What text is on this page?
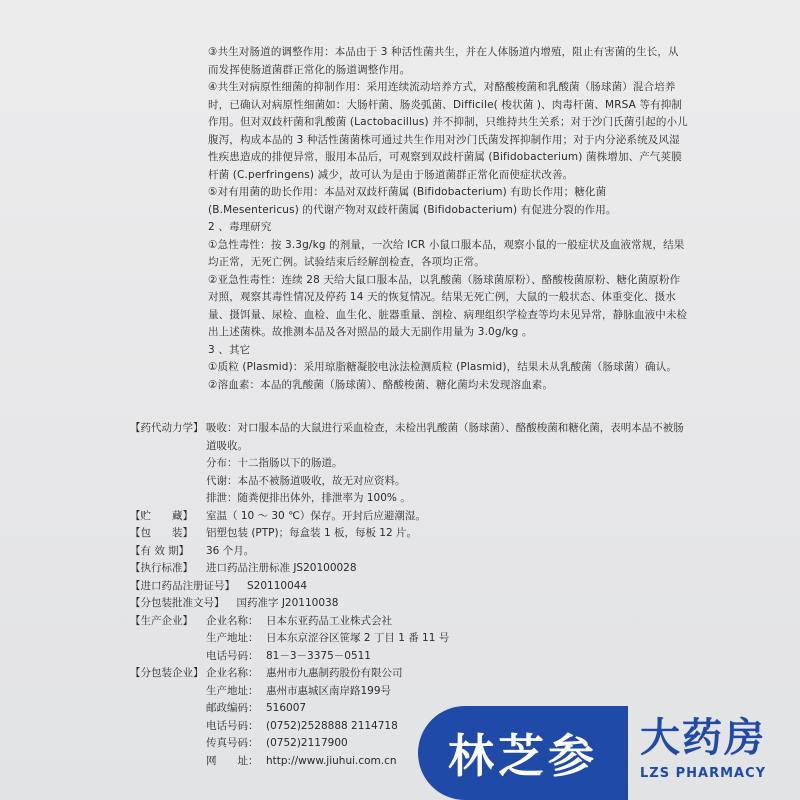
③共生对肠道的调整作用：本品由于 3 种活性菌共生，并在人体肠道内增殖，阻止有害菌的生长，从而发挥使肠道菌群正常化的肠道调整作用。

④共生对病原性细菌的抑制作用：采用连续流动培养方式，对酪酸梭菌和乳酸菌（肠球菌）混合培养时，已确认对病原性细菌如：大肠杆菌、肠炎弧菌、Difficile( 梭状菌 )、肉毒杆菌、MRSA 等有抑制作用。但对双歧杆菌和乳酸菌 (Lactobacillus) 并不抑制，只维持共生关系；对于沙门氏菌引起的小儿腹泻，构成本品的 3 种活性菌菌株可通过共生作用对沙门氏菌发挥抑制作用；对于内分泌系统及风湿性疾患造成的排便异常，服用本品后，可观察到双歧杆菌属 (Bifidobacterium) 菌株增加、产气荚膜杆菌 (C.perfringens) 减少，故可认为是由于肠道菌群正常化而使症状改善。

⑤对有用菌的助长作用：本品对双歧杆菌属 (Bifidobacterium) 有助长作用；糖化菌 (B.Mesentericus) 的代谢产物对双歧杆菌属 (Bifidobacterium) 有促进分裂的作用。

2 、毒理研究

①急性毒性：按 3.3g/kg 的剂量，一次给 ICR 小鼠口服本品，观察小鼠的一般症状及血液常规，结果均正常，无死亡例。试验结束后经解剖检查，各项均正常。

②亚急性毒性：连续 28 天给大鼠口服本品，以乳酸菌（肠球菌原粉）、酪酸梭菌原粉、糖化菌原粉作对照，观察其毒性情况及停药 14 天的恢复情况。结果无死亡例，大鼠的一般状态、体重变化、摄水量、摄饵量、尿检、血检、血生化、脏器重量、剖检、病理组织学检查等均未见异常，静脉血液中未检出上述菌株。故推测本品及各对照品的最大无副作用量为 3.0g/kg 。

3 、其它

①质粒 (Plasmid)：采用琼脂糖凝胶电泳法检测质粒 (Plasmid)，结果未从乳酸菌（肠球菌）确认。

②溶血素：本品的乳酸菌（肠球菌）、酪酸梭菌、糖化菌均未发现溶血素。

【药代动力学】 吸收：对口服本品的大鼠进行采血检查，未检出乳酸菌（肠球菌）、酪酸梭菌和糖化菌，表明本品不被肠道吸收。

分布：十二指肠以下的肠道。

代谢：本品不被肠道吸收，故无对应资料。

排泄：随粪便排出体外，排泄率为 100% 。

【贮　　藏】	室温（ 10 ～ 30 ℃）保存。开封后应避潮湿。
【包　　装】	铝塑包装 (PTP)；每盒装 1 板，每板 12 片。
【有 效 期】	36 个月。
【执行标准】	进口药品注册标准 JS20100028
【进口药品注册证号】	S20110044
【分包装批准文号】	国药准字 J20110038
【生产企业】	企业名称： 日本东亚药品工业株式会社
生产地址： 日本东京涩谷区笹塚 2 丁目 1 番 11 号
电话号码： 81－3－3375－0511
【分包装企业】 企业名称： 惠州市九惠制药股份有限公司
生产地址： 惠州市惠城区南岸路199号
邮政编码： 516007
电话号码： (0752)2528888 2114718
传真号码： (0752)2117900
网　　址： http://www.jiuhui.com.cn 林芝参 大药房
LZS PHARMACY
